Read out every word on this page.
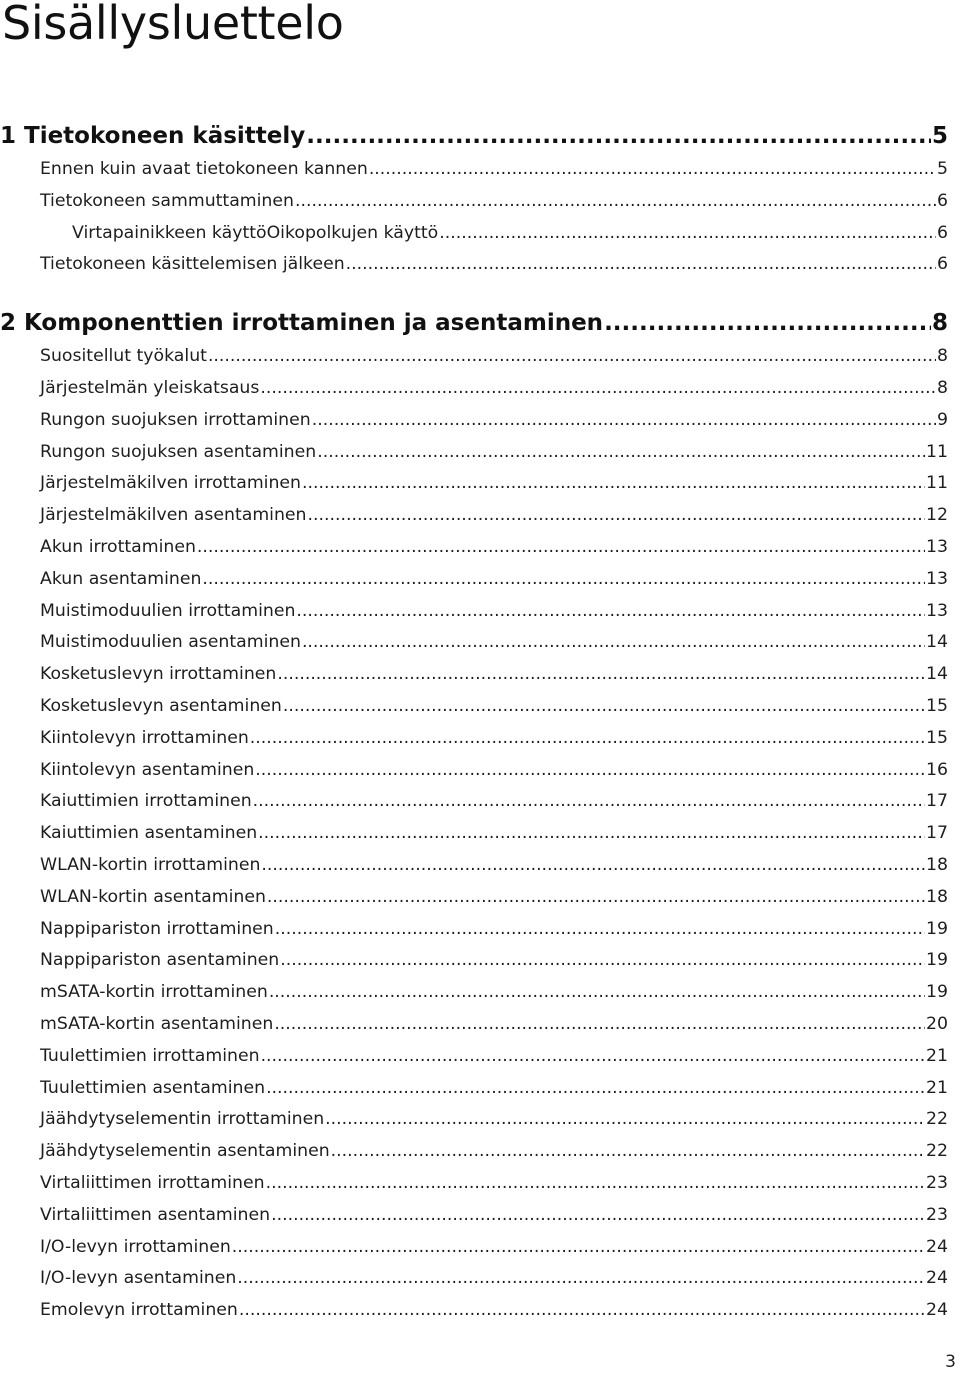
Sisällysluettelo
1 Tietokoneen käsittely .....	5
Ennen kuin avaat tietokoneen kannen .....	5
Tietokoneen sammuttaminen .....	6
Virtapainikkeen käyttöOikopolkujen käyttö .....	6
Tietokoneen käsittelemisen jälkeen .....	6
2 Komponenttien irrottaminen ja asentaminen .....	8
Suositellut työkalut .....	8
Järjestelmän yleiskatsaus .....	8
Rungon suojuksen irrottaminen .....	9
Rungon suojuksen asentaminen .....	11
Järjestelmäkilven irrottaminen .....	11
Järjestelmäkilven asentaminen .....	12
Akun irrottaminen .....	13
Akun asentaminen .....	13
Muistimoduulien irrottaminen .....	13
Muistimoduulien asentaminen .....	14
Kosketuslevyn irrottaminen .....	14
Kosketuslevyn asentaminen .....	15
Kiintolevyn irrottaminen .....	15
Kiintolevyn asentaminen .....	16
Kaiuttimien irrottaminen .....	17
Kaiuttimien asentaminen .....	17
WLAN-kortin irrottaminen .....	18
WLAN-kortin asentaminen .....	18
Nappipariston irrottaminen .....	19
Nappipariston asentaminen .....	19
mSATA-kortin irrottaminen .....	19
mSATA-kortin asentaminen .....	20
Tuulettimien irrottaminen .....	21
Tuulettimien asentaminen .....	21
Jäähdytyselementin irrottaminen .....	22
Jäähdytyselementin asentaminen .....	22
Virtaliittimen irrottaminen .....	23
Virtaliittimen asentaminen .....	23
I/O-levyn irrottaminen .....	24
I/O-levyn asentaminen .....	24
Emolevyn irrottaminen .....	24
3
